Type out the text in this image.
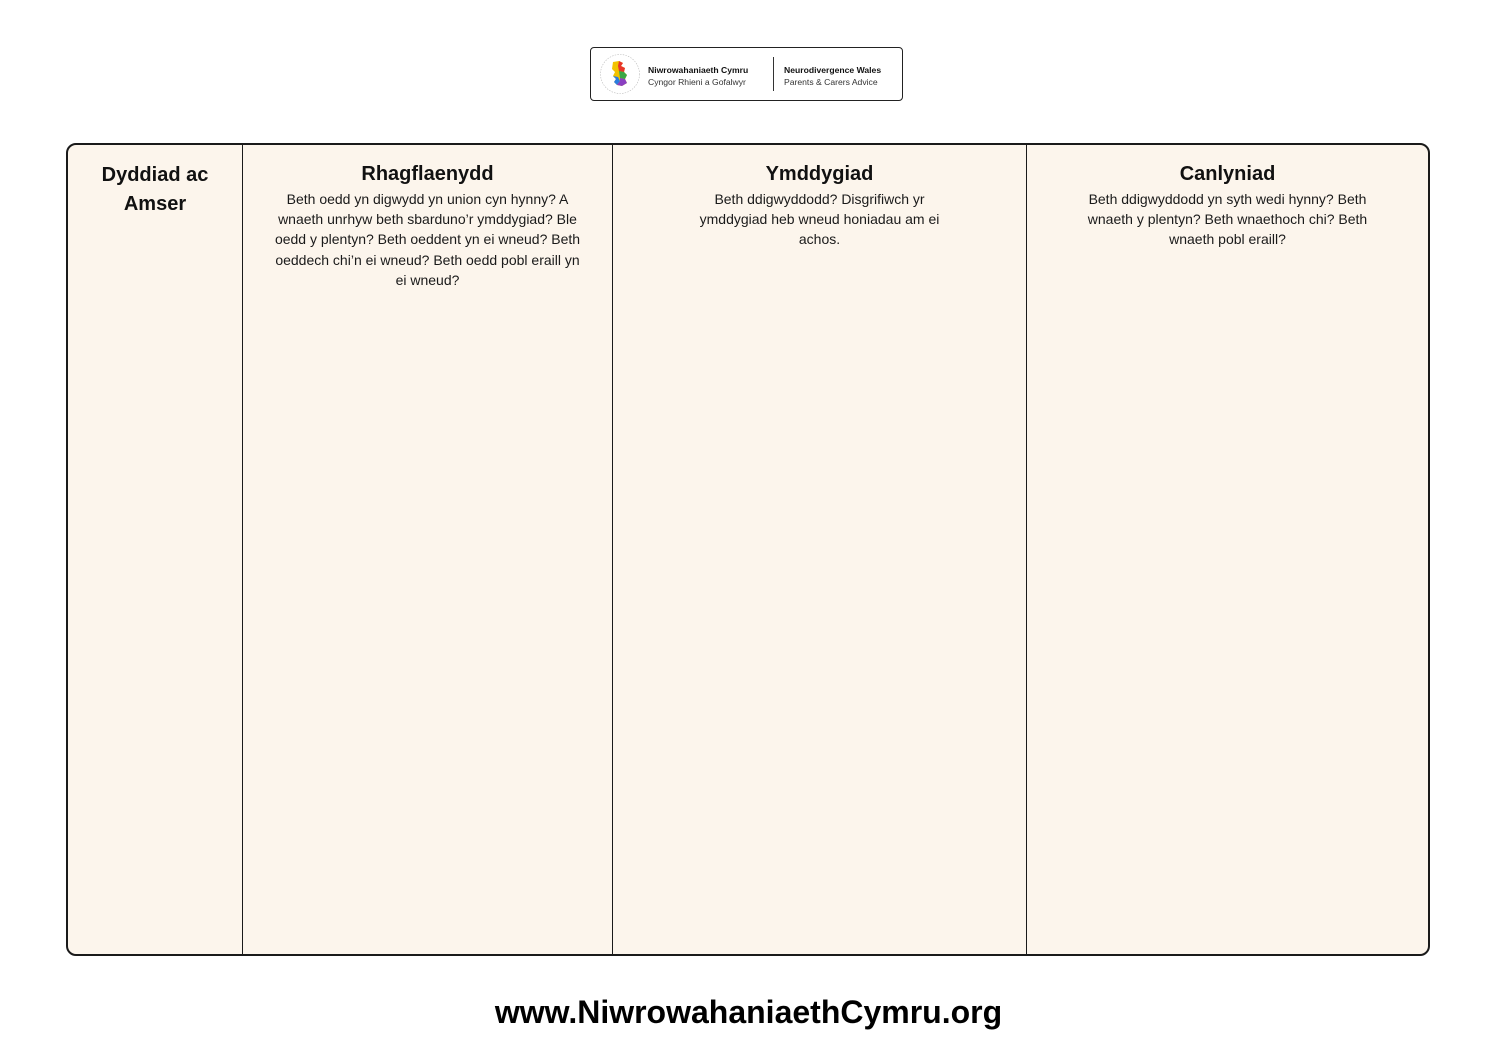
Niwrowahaniaeth Cymru
Cyngor Rhieni a Gofalwyr
Neurodivergence Wales
Parents & Carers Advice
Dyddiad ac
Amser
Rhagflaenydd
Beth oedd yn digwydd yn union cyn hynny? A wnaeth unrhyw beth sbarduno’r ymddygiad? Ble oedd y plentyn? Beth oeddent yn ei wneud? Beth oeddech chi’n ei wneud? Beth oedd pobl eraill yn ei wneud?
Ymddygiad
Beth ddigwyddodd? Disgrifiwch yr ymddygiad heb wneud honiadau am ei achos.
Canlyniad
Beth ddigwyddodd yn syth wedi hynny? Beth wnaeth y plentyn? Beth wnaethoch chi? Beth wnaeth pobl eraill?
www.NiwrowahaniaethCymru.org
